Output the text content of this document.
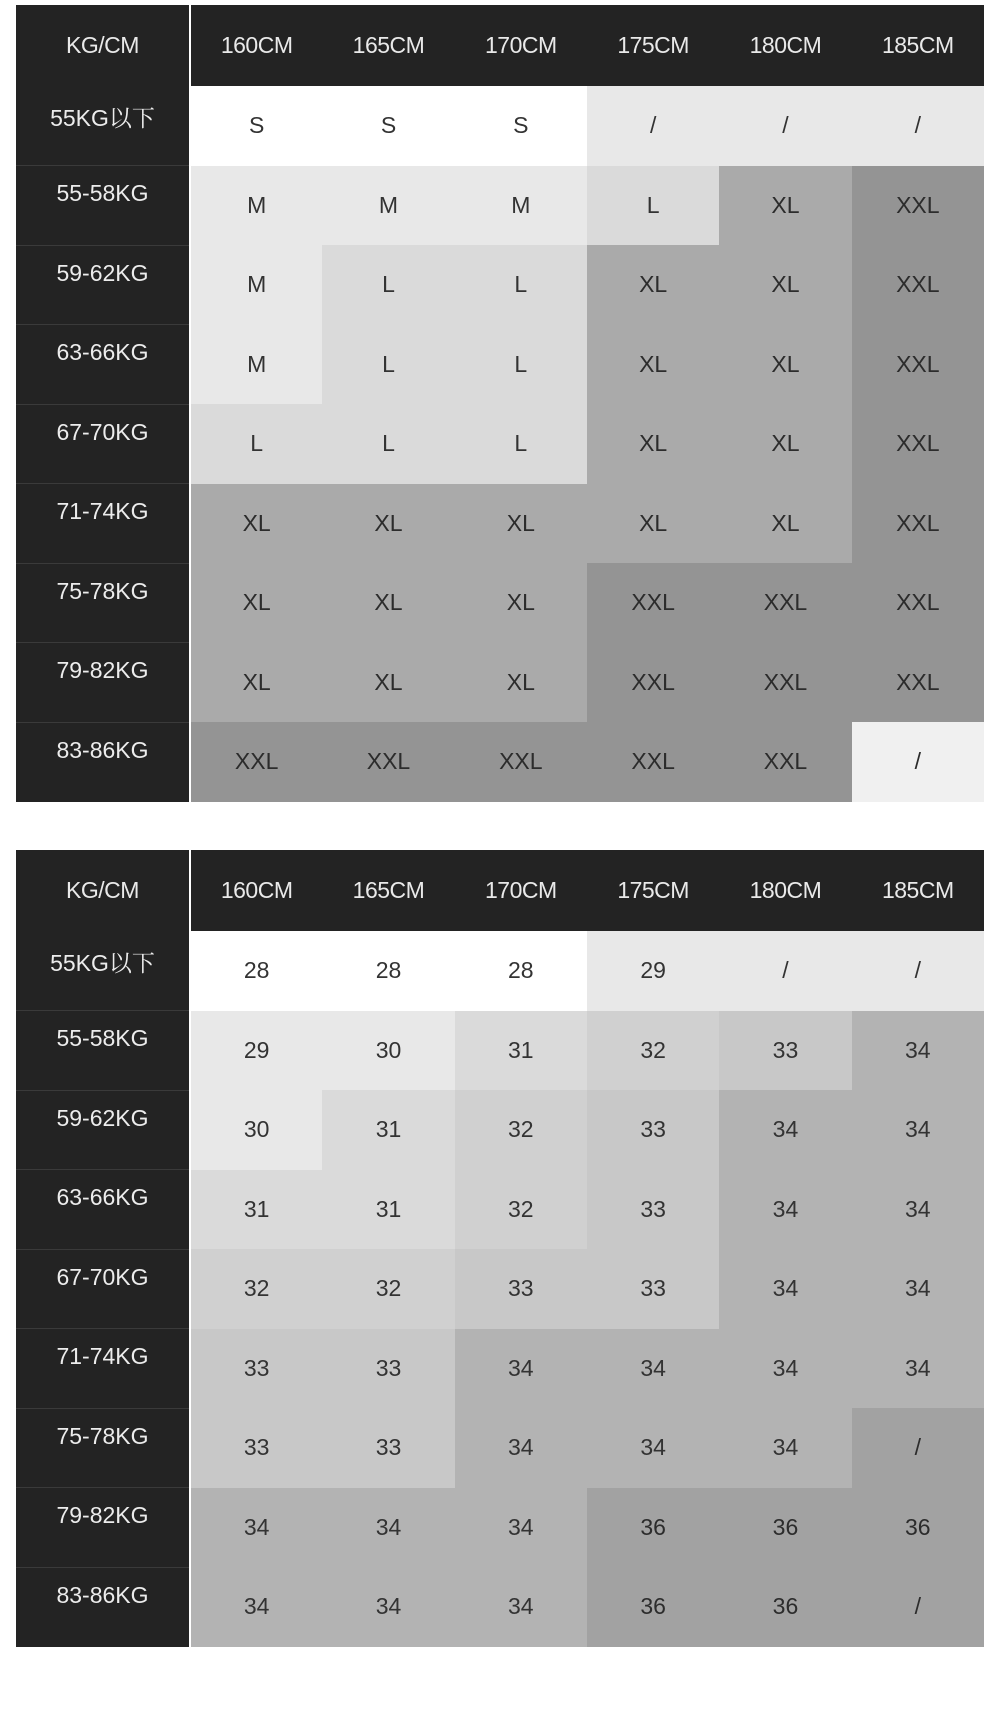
KG/CM	160CM	165CM	170CM	175CM	180CM	185CM
55KG以下	S	S	S	/	/	/
55-58KG	M	M	M	L	XL	XXL
59-62KG	M	L	L	XL	XL	XXL
63-66KG	M	L	L	XL	XL	XXL
67-70KG	L	L	L	XL	XL	XXL
71-74KG	XL	XL	XL	XL	XL	XXL
75-78KG	XL	XL	XL	XXL	XXL	XXL
79-82KG	XL	XL	XL	XXL	XXL	XXL
83-86KG	XXL	XXL	XXL	XXL	XXL	/
KG/CM	160CM	165CM	170CM	175CM	180CM	185CM
55KG以下	28	28	28	29	/	/
55-58KG	29	30	31	32	33	34
59-62KG	30	31	32	33	34	34
63-66KG	31	31	32	33	34	34
67-70KG	32	32	33	33	34	34
71-74KG	33	33	34	34	34	34
75-78KG	33	33	34	34	34	/
79-82KG	34	34	34	36	36	36
83-86KG	34	34	34	36	36	/
